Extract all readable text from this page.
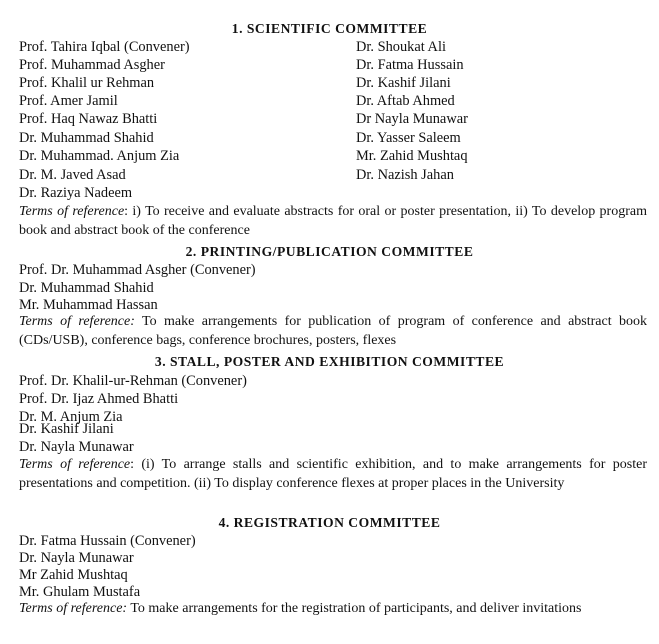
1. SCIENTIFIC COMMITTEE
Prof. Tahira Iqbal (Convener)
Prof. Muhammad Asgher
Prof. Khalil ur Rehman
Prof. Amer Jamil
Prof. Haq Nawaz Bhatti
Dr. Muhammad Shahid
Dr. Muhammad. Anjum Zia
Dr. M. Javed Asad
Dr. Raziya Nadeem
Dr. Shoukat Ali
Dr. Fatma Hussain
Dr. Kashif Jilani
Dr. Aftab Ahmed
Dr Nayla Munawar
Dr. Yasser Saleem
Mr. Zahid Mushtaq
Dr. Nazish Jahan
Terms of reference: i) To receive and evaluate abstracts for oral or poster presentation, ii) To develop program book and abstract book of the conference
2. PRINTING/PUBLICATION COMMITTEE
Prof. Dr. Muhammad Asgher (Convener)
Dr. Muhammad Shahid
Mr. Muhammad Hassan
Terms of reference: To make arrangements for publication of program of conference and abstract book (CDs/USB), conference bags, conference brochures, posters, flexes
3. STALL, POSTER AND EXHIBITION COMMITTEE
Prof. Dr. Khalil-ur-Rehman (Convener)
Prof. Dr. Ijaz Ahmed Bhatti
Dr. M. Anjum Zia
Dr. Kashif Jilani
Dr. Nayla Munawar
Terms of reference: (i) To arrange stalls and scientific exhibition, and to make arrangements for poster presentations and competition. (ii) To display conference flexes at proper places in the University
4. REGISTRATION COMMITTEE
Dr. Fatma Hussain (Convener)
Dr. Nayla Munawar
Mr Zahid Mushtaq
Mr. Ghulam Mustafa
Terms of reference: To make arrangements for the registration of participants, and deliver invitations
